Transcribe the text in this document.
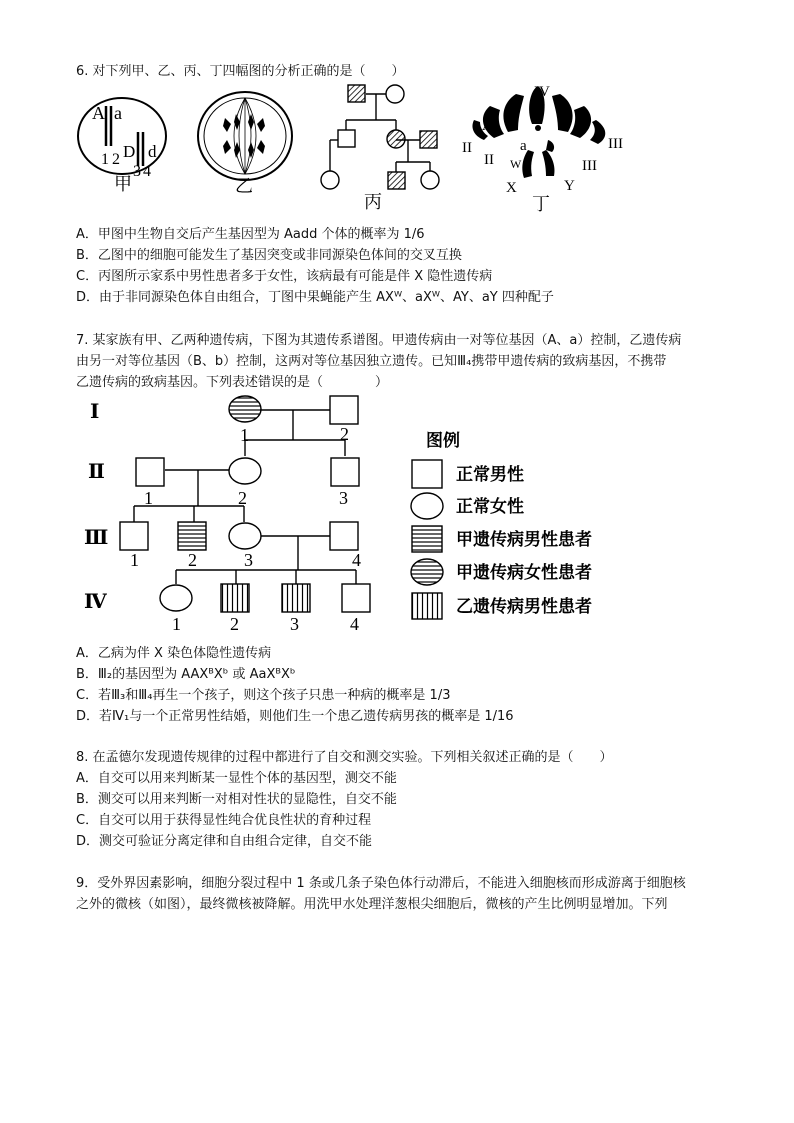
6. 对下列甲、乙、丙、丁四幅图的分析正确的是（　　）
A a
1 2 D d
3 4
甲	乙
丙
IV
A
a
II
II
III
III
W
X	Y
丁
A．甲图中生物自交后产生基因型为 Aadd 个体的概率为 1/6
B．乙图中的细胞可能发生了基因突变或非同源染色体间的交叉互换
C．丙图所示家系中男性患者多于女性，该病最有可能是伴 X 隐性遗传病
D．由于非同源染色体自由组合，丁图中果蝇能产生 AXᵂ、aXᵂ、AY、aY 四种配子
7. 某家族有甲、乙两种遗传病，下图为其遗传系谱图。甲遗传病由一对等位基因（A、a）控制，乙遗传病
由另一对等位基因（B、b）控制，这两对等位基因独立遗传。已知Ⅲ₄携带甲遗传病的致病基因，不携带
乙遗传病的致病基因。下列表述错误的是（　　　　）
Ⅰ
Ⅱ
Ⅲ
Ⅳ
1	2
1	2	3
1	2	3	4
1	2	3	4
图例
正常男性
正常女性
甲遗传病男性患者
甲遗传病女性患者
乙遗传病男性患者
A．乙病为伴 X 染色体隐性遗传病
B．Ⅲ₂的基因型为 AAXᴮXᵇ 或 AaXᴮXᵇ
C．若Ⅲ₃和Ⅲ₄再生一个孩子，则这个孩子只患一种病的概率是 1/3
D．若Ⅳ₁与一个正常男性结婚，则他们生一个患乙遗传病男孩的概率是 1/16
8. 在孟德尔发现遗传规律的过程中都进行了自交和测交实验。下列相关叙述正确的是（　　）
A．自交可以用来判断某一显性个体的基因型，测交不能
B．测交可以用来判断一对相对性状的显隐性，自交不能
C．自交可以用于获得显性纯合优良性状的育种过程
D．测交可验证分离定律和自由组合定律，自交不能
9．受外界因素影响，细胞分裂过程中 1 条或几条子染色体行动滞后，不能进入细胞核而形成游离于细胞核
之外的微核（如图），最终微核被降解。用洗甲水处理洋葱根尖细胞后，微核的产生比例明显增加。下列
